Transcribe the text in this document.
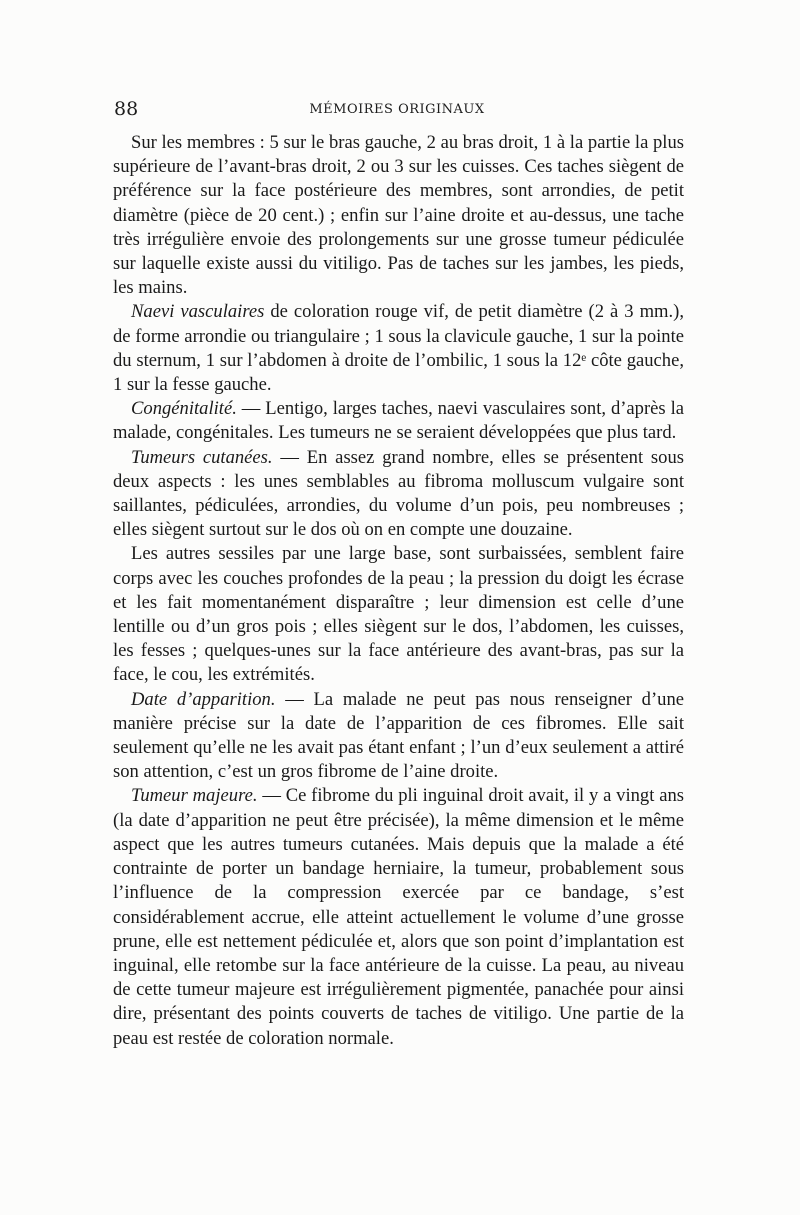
88	MÉMOIRES ORIGINAUX

Sur les membres : 5 sur le bras gauche, 2 au bras droit, 1 à la partie la plus supérieure de l’avant-bras droit, 2 ou 3 sur les cuisses. Ces taches siègent de préférence sur la face postérieure des membres, sont arrondies, de petit diamètre (pièce de 20 cent.) ; enfin sur l’aine droite et au-dessus, une tache très irrégulière envoie des prolongements sur une grosse tumeur pédiculée sur laquelle existe aussi du vitiligo. Pas de taches sur les jambes, les pieds, les mains.

Naevi vasculaires de coloration rouge vif, de petit diamètre (2 à 3 mm.), de forme arrondie ou triangulaire ; 1 sous la clavicule gauche, 1 sur la pointe du sternum, 1 sur l’abdomen à droite de l’ombilic, 1 sous la 12ᵉ côte gauche, 1 sur la fesse gauche.

Congénitalité. — Lentigo, larges taches, naevi vasculaires sont, d’après la malade, congénitales. Les tumeurs ne se seraient développées que plus tard.

Tumeurs cutanées. — En assez grand nombre, elles se présentent sous deux aspects : les unes semblables au fibroma molluscum vulgaire sont saillantes, pédiculées, arrondies, du volume d’un pois, peu nombreuses ; elles siègent surtout sur le dos où on en compte une douzaine.

Les autres sessiles par une large base, sont surbaissées, semblent faire corps avec les couches profondes de la peau ; la pression du doigt les écrase et les fait momentanément disparaître ; leur dimension est celle d’une lentille ou d’un gros pois ; elles siègent sur le dos, l’abdomen, les cuisses, les fesses ; quelques-unes sur la face antérieure des avant-bras, pas sur la face, le cou, les extrémités.

Date d’apparition. — La malade ne peut pas nous renseigner d’une manière précise sur la date de l’apparition de ces fibromes. Elle sait seulement qu’elle ne les avait pas étant enfant ; l’un d’eux seulement a attiré son attention, c’est un gros fibrome de l’aine droite.

Tumeur majeure. — Ce fibrome du pli inguinal droit avait, il y a vingt ans (la date d’apparition ne peut être précisée), la même dimension et le même aspect que les autres tumeurs cutanées. Mais depuis que la malade a été contrainte de porter un bandage herniaire, la tumeur, probablement sous l’influence de la compression exercée par ce bandage, s’est considérablement accrue, elle atteint actuellement le volume d’une grosse prune, elle est nettement pédiculée et, alors que son point d’implantation est inguinal, elle retombe sur la face antérieure de la cuisse. La peau, au niveau de cette tumeur majeure est irrégulièrement pigmentée, panachée pour ainsi dire, présentant des points couverts de taches de vitiligo. Une partie de la peau est restée de coloration normale.
